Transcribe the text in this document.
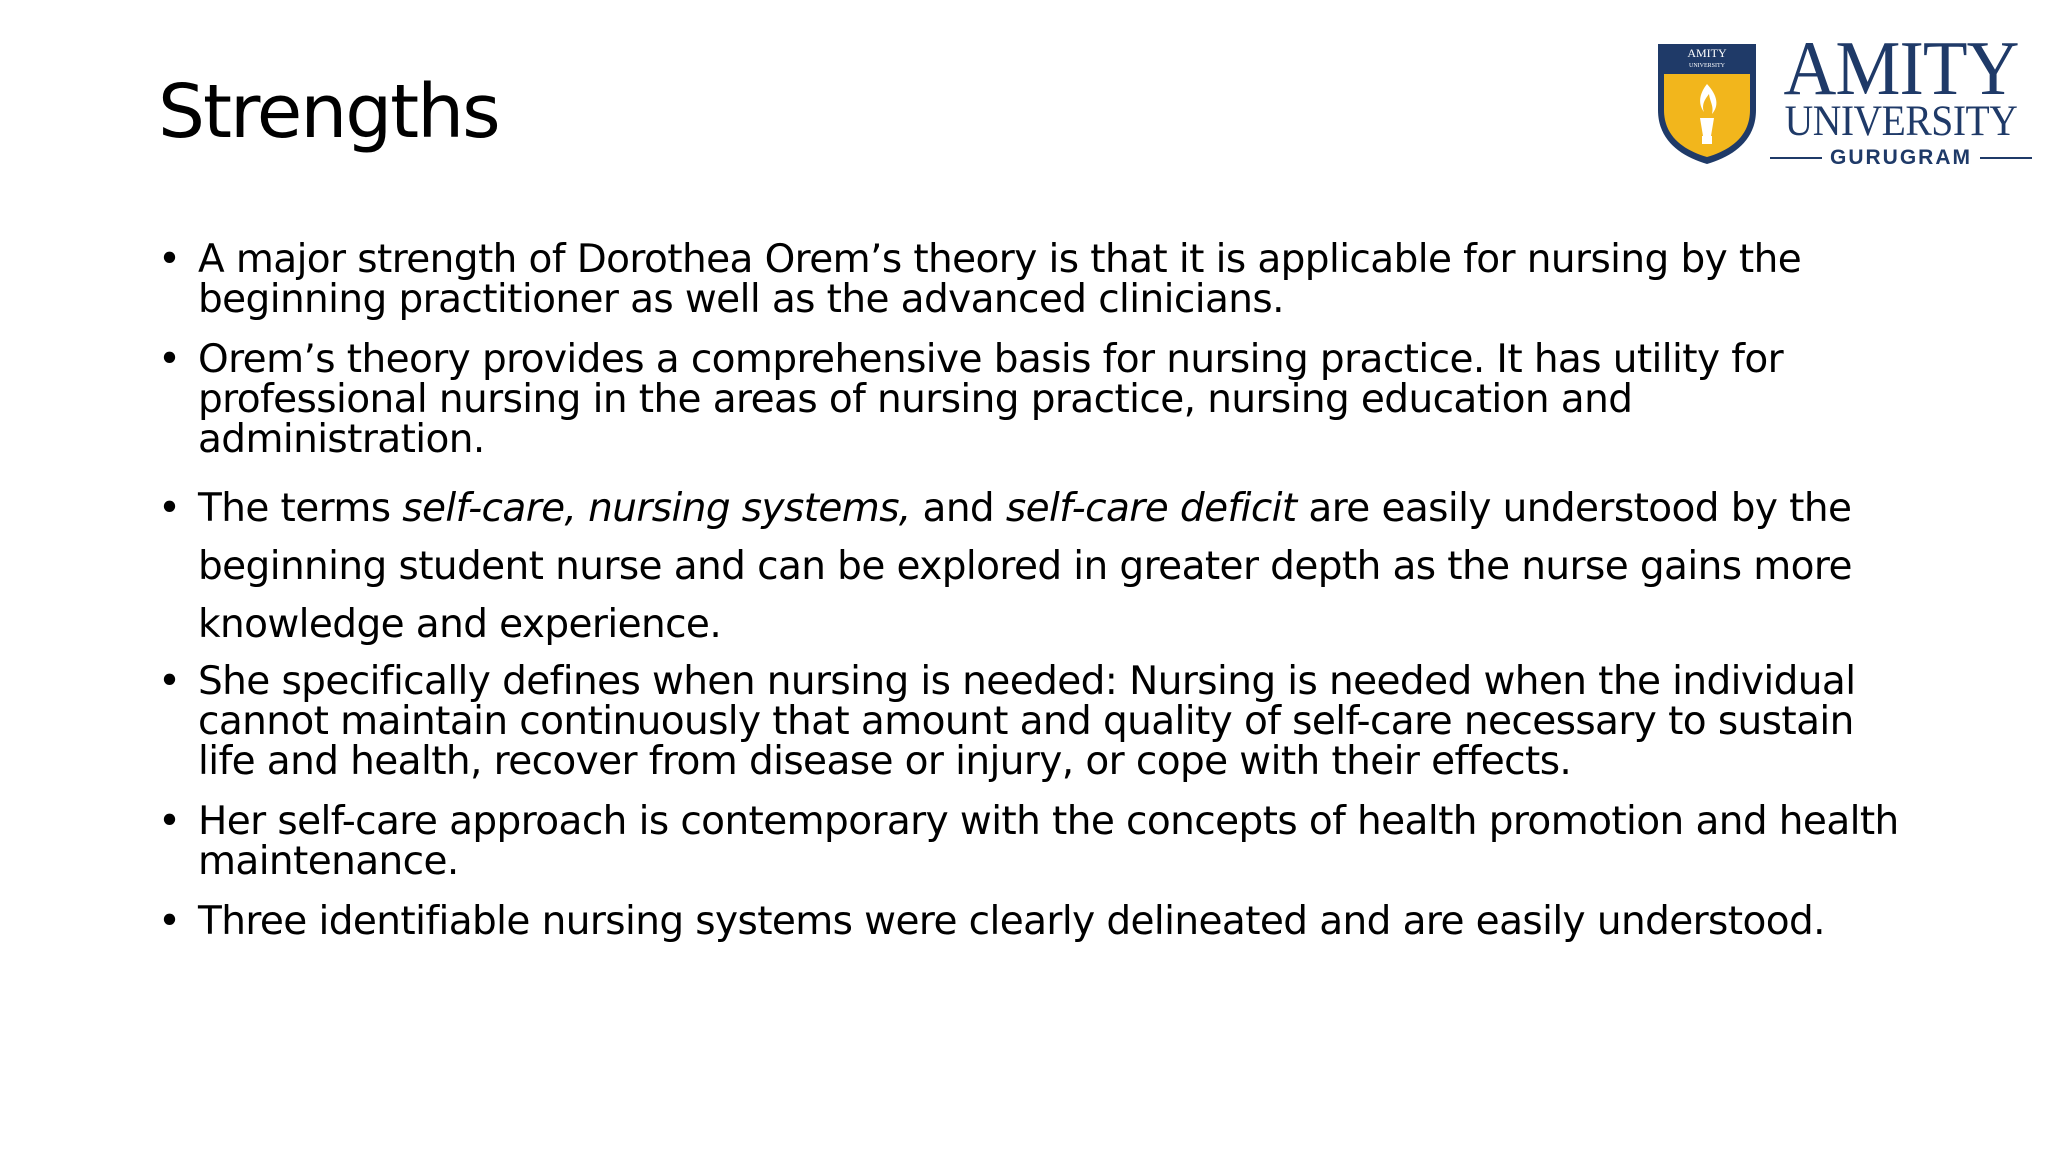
Strengths
AMITY
UNIVERSITY AMITY
UNIVERSITY
GURUGRAM
• A major strength of Dorothea Orem’s theory is that it is applicable for nursing by the beginning practitioner as well as the advanced clinicians.
• Orem’s theory provides a comprehensive basis for nursing practice. It has utility for professional nursing in the areas of nursing practice, nursing education and administration.
• The terms self-care, nursing systems, and self-care deficit are easily understood by the beginning student nurse and can be explored in greater depth as the nurse gains more knowledge and experience.
• She specifically defines when nursing is needed: Nursing is needed when the individual cannot maintain continuously that amount and quality of self-care necessary to sustain life and health, recover from disease or injury, or cope with their effects.
• Her self-care approach is contemporary with the concepts of health promotion and health maintenance.
• Three identifiable nursing systems were clearly delineated and are easily understood.
